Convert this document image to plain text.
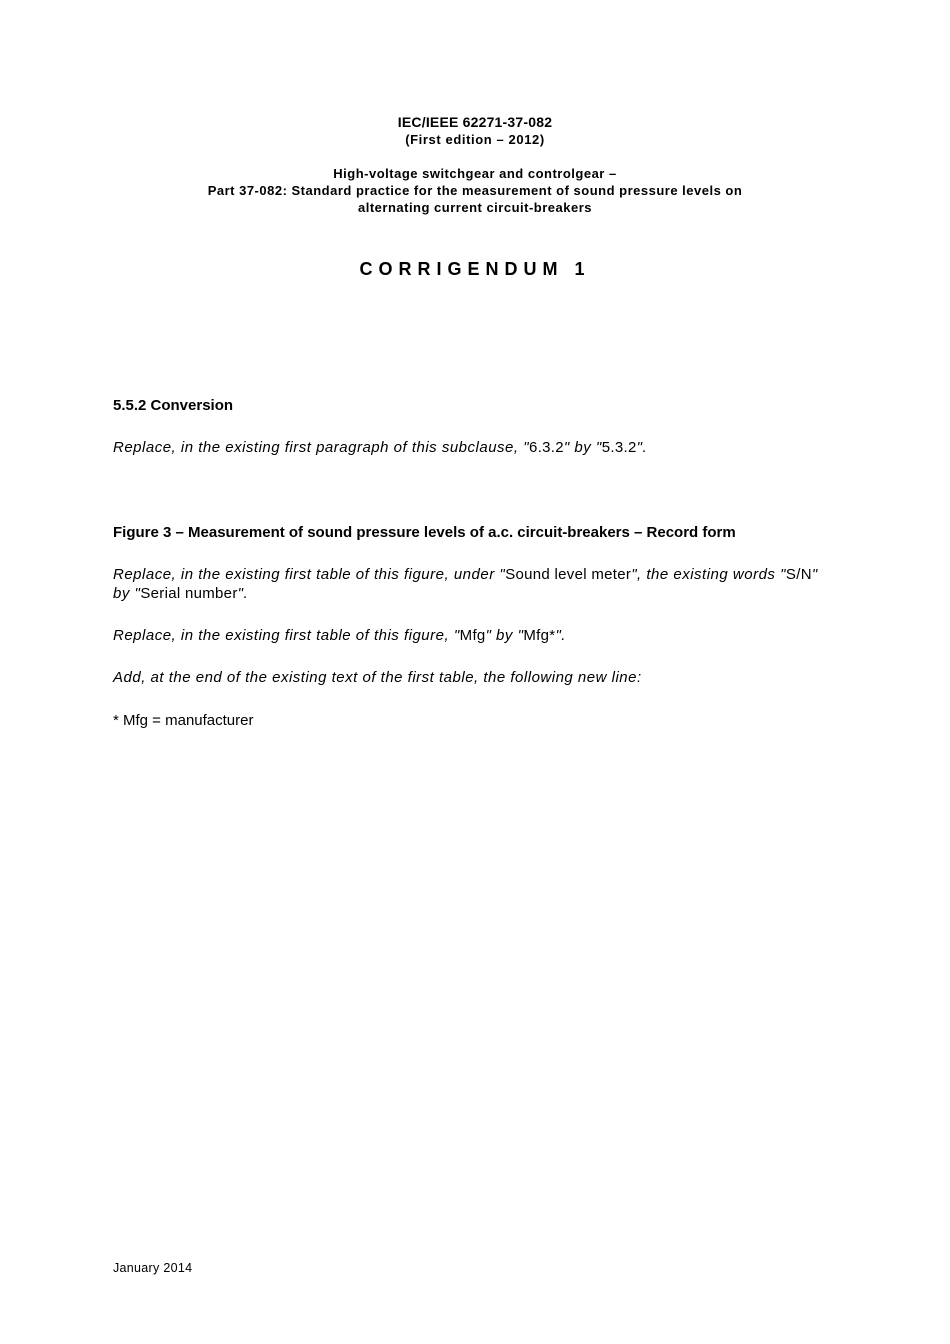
IEC/IEEE 62271-37-082
(First edition – 2012)
High-voltage switchgear and controlgear –
Part 37-082: Standard practice for the measurement of sound pressure levels on
alternating current circuit-breakers
CORRIGENDUM 1
5.5.2 Conversion
Replace, in the existing first paragraph of this subclause, "6.3.2" by "5.3.2".
Figure 3 – Measurement of sound pressure levels of a.c. circuit-breakers – Record form
Replace, in the existing first table of this figure, under "Sound level meter", the existing words "S/N" by "Serial number".
Replace, in the existing first table of this figure, "Mfg" by "Mfg*".
Add, at the end of the existing text of the first table, the following new line:
* Mfg = manufacturer
January 2014
